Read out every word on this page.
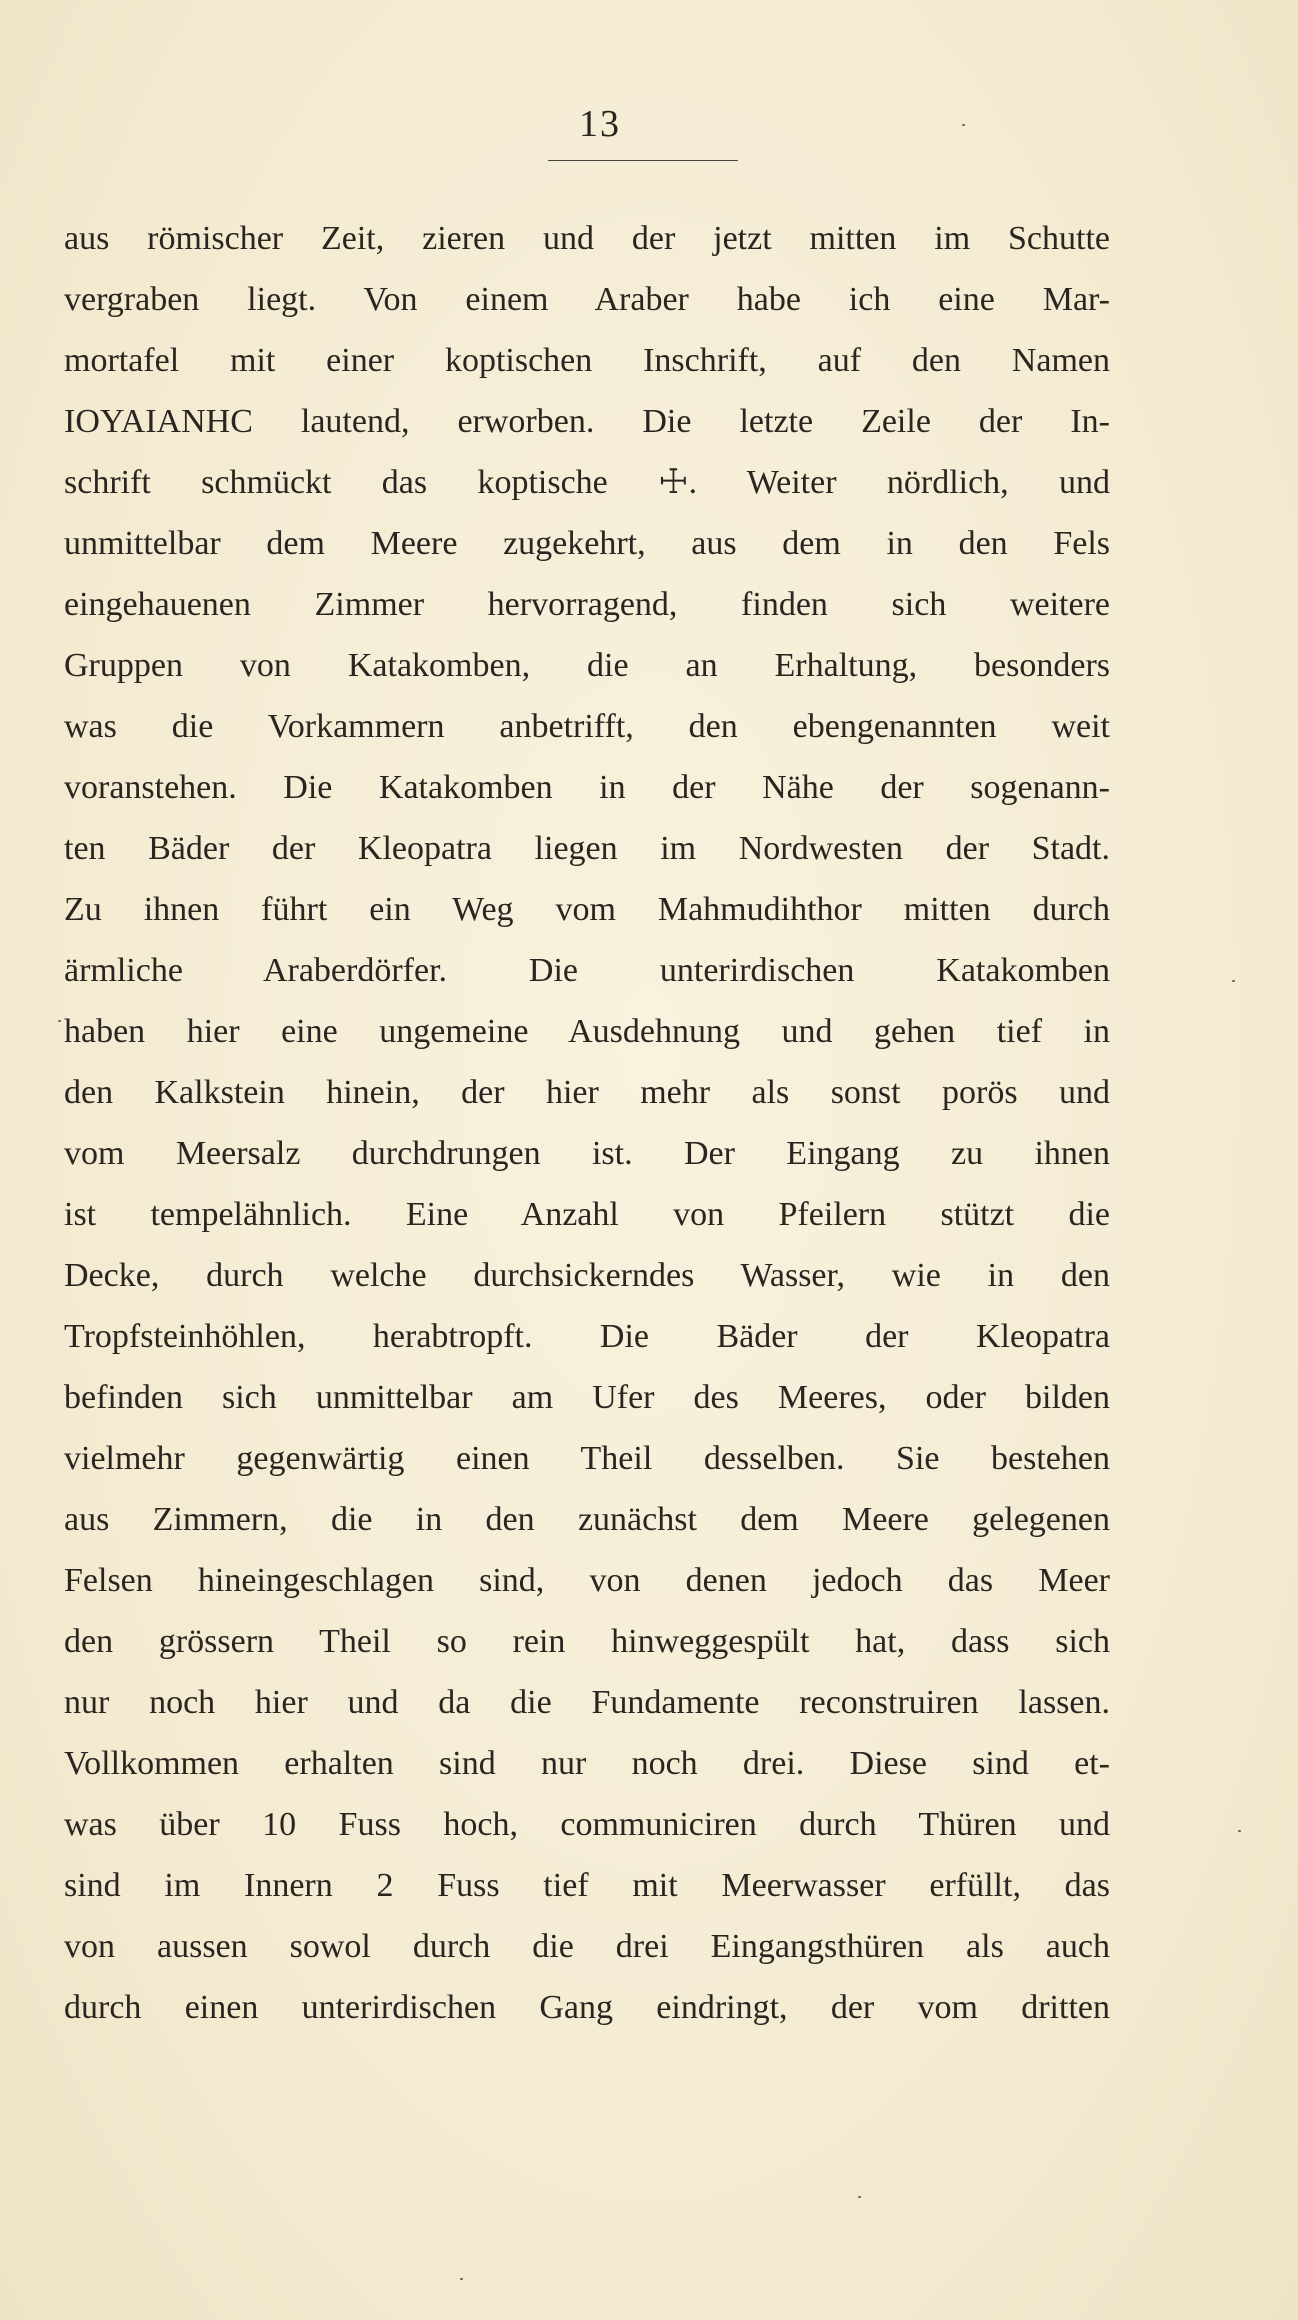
13
aus römischer Zeit, zieren und der jetzt mitten im Schutte
vergraben liegt. Von einem Araber habe ich eine Mar-
mortafel mit einer koptischen Inschrift, auf den Namen
IOYAIANHC lautend, erworben. Die letzte Zeile der In-
schrift schmückt das koptische ☩. Weiter nördlich, und
unmittelbar dem Meere zugekehrt, aus dem in den Fels
eingehauenen Zimmer hervorragend, finden sich weitere
Gruppen von Katakomben, die an Erhaltung, besonders
was die Vorkammern anbetrifft, den ebengenannten weit
voranstehen. Die Katakomben in der Nähe der sogenann-
ten Bäder der Kleopatra liegen im Nordwesten der Stadt.
Zu ihnen führt ein Weg vom Mahmudihthor mitten durch
ärmliche Araberdörfer. Die unterirdischen Katakomben
haben hier eine ungemeine Ausdehnung und gehen tief in
den Kalkstein hinein, der hier mehr als sonst porös und
vom Meersalz durchdrungen ist. Der Eingang zu ihnen
ist tempelähnlich. Eine Anzahl von Pfeilern stützt die
Decke, durch welche durchsickerndes Wasser, wie in den
Tropfsteinhöhlen, herabtropft. Die Bäder der Kleopatra
befinden sich unmittelbar am Ufer des Meeres, oder bilden
vielmehr gegenwärtig einen Theil desselben. Sie bestehen
aus Zimmern, die in den zunächst dem Meere gelegenen
Felsen hineingeschlagen sind, von denen jedoch das Meer
den grössern Theil so rein hinweggespült hat, dass sich
nur noch hier und da die Fundamente reconstruiren lassen.
Vollkommen erhalten sind nur noch drei. Diese sind et-
was über 10 Fuss hoch, communiciren durch Thüren und
sind im Innern 2 Fuss tief mit Meerwasser erfüllt, das
von aussen sowol durch die drei Eingangsthüren als auch
durch einen unterirdischen Gang eindringt, der vom dritten
